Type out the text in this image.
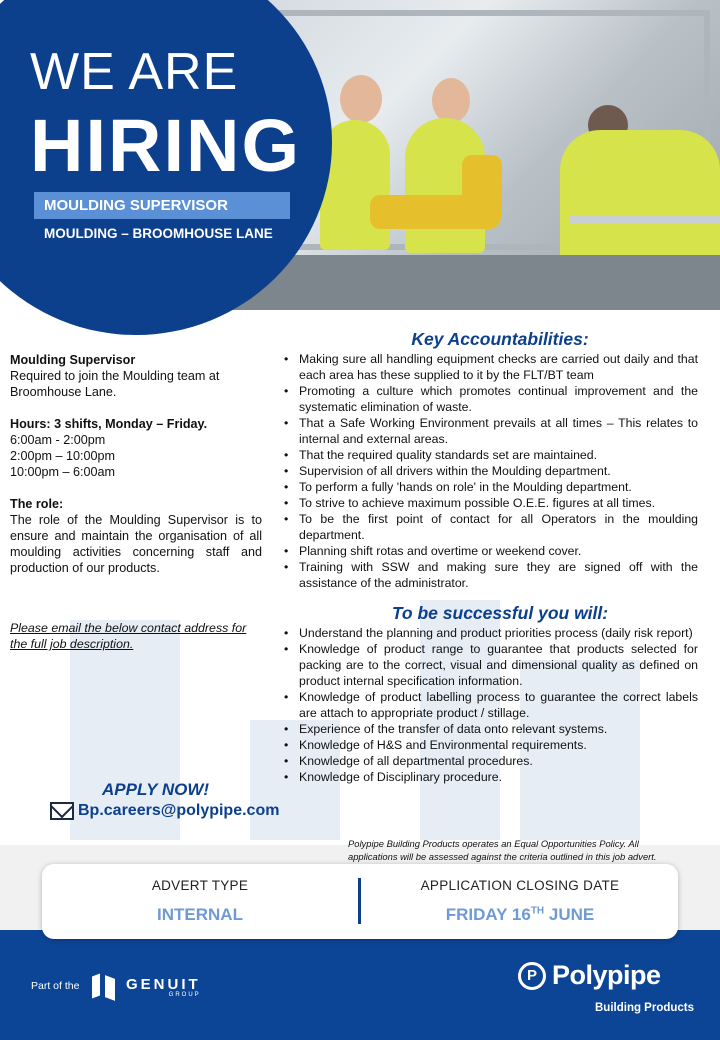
WE ARE
HIRING
MOULDING SUPERVISOR
MOULDING – BROOMHOUSE LANE

Moulding Supervisor
Required to join the Moulding team at Broomhouse Lane.

Hours: 3 shifts, Monday – Friday.
6:00am - 2:00pm
2:00pm – 10:00pm
10:00pm – 6:00am

The role:
The role of the Moulding Supervisor is to ensure and maintain the organisation of all moulding activities concerning staff and production of our products.

Please email the below contact address for the full job description.
APPLY NOW!
Bp.careers@polypipe.com
Key Accountabilities:
• Making sure all handling equipment checks are carried out daily and that each area has these supplied to it by the FLT/BT team
• Promoting a culture which promotes continual improvement and the systematic elimination of waste.
• That a Safe Working Environment prevails at all times – This relates to internal and external areas.
• That the required quality standards set are maintained.
• Supervision of all drivers within the Moulding department.
• To perform a fully 'hands on role' in the Moulding department.
• To strive to achieve maximum possible O.E.E. figures at all times.
• To be the first point of contact for all Operators in the moulding department.
• Planning shift rotas and overtime or weekend cover.
• Training with SSW and making sure they are signed off with the assistance of the administrator.
To be successful you will:
• Understand the planning and product priorities process (daily risk report)
• Knowledge of product range to guarantee that products selected for packing are to the correct, visual and dimensional quality as defined on product internal specification information.
• Knowledge of product labelling process to guarantee the correct labels are attach to appropriate product / stillage.
• Experience of the transfer of data onto relevant systems.
• Knowledge of H&S and Environmental requirements.
• Knowledge of all departmental procedures.
• Knowledge of Disciplinary procedure.
Polypipe Building Products operates an Equal Opportunities Policy. All applications will be assessed against the criteria outlined in this job advert.
ADVERT TYPE
INTERNAL
APPLICATION CLOSING DATE
FRIDAY 16TH JUNE
Part of the	GENUIT
GROUP
P Polypipe
Building Products
